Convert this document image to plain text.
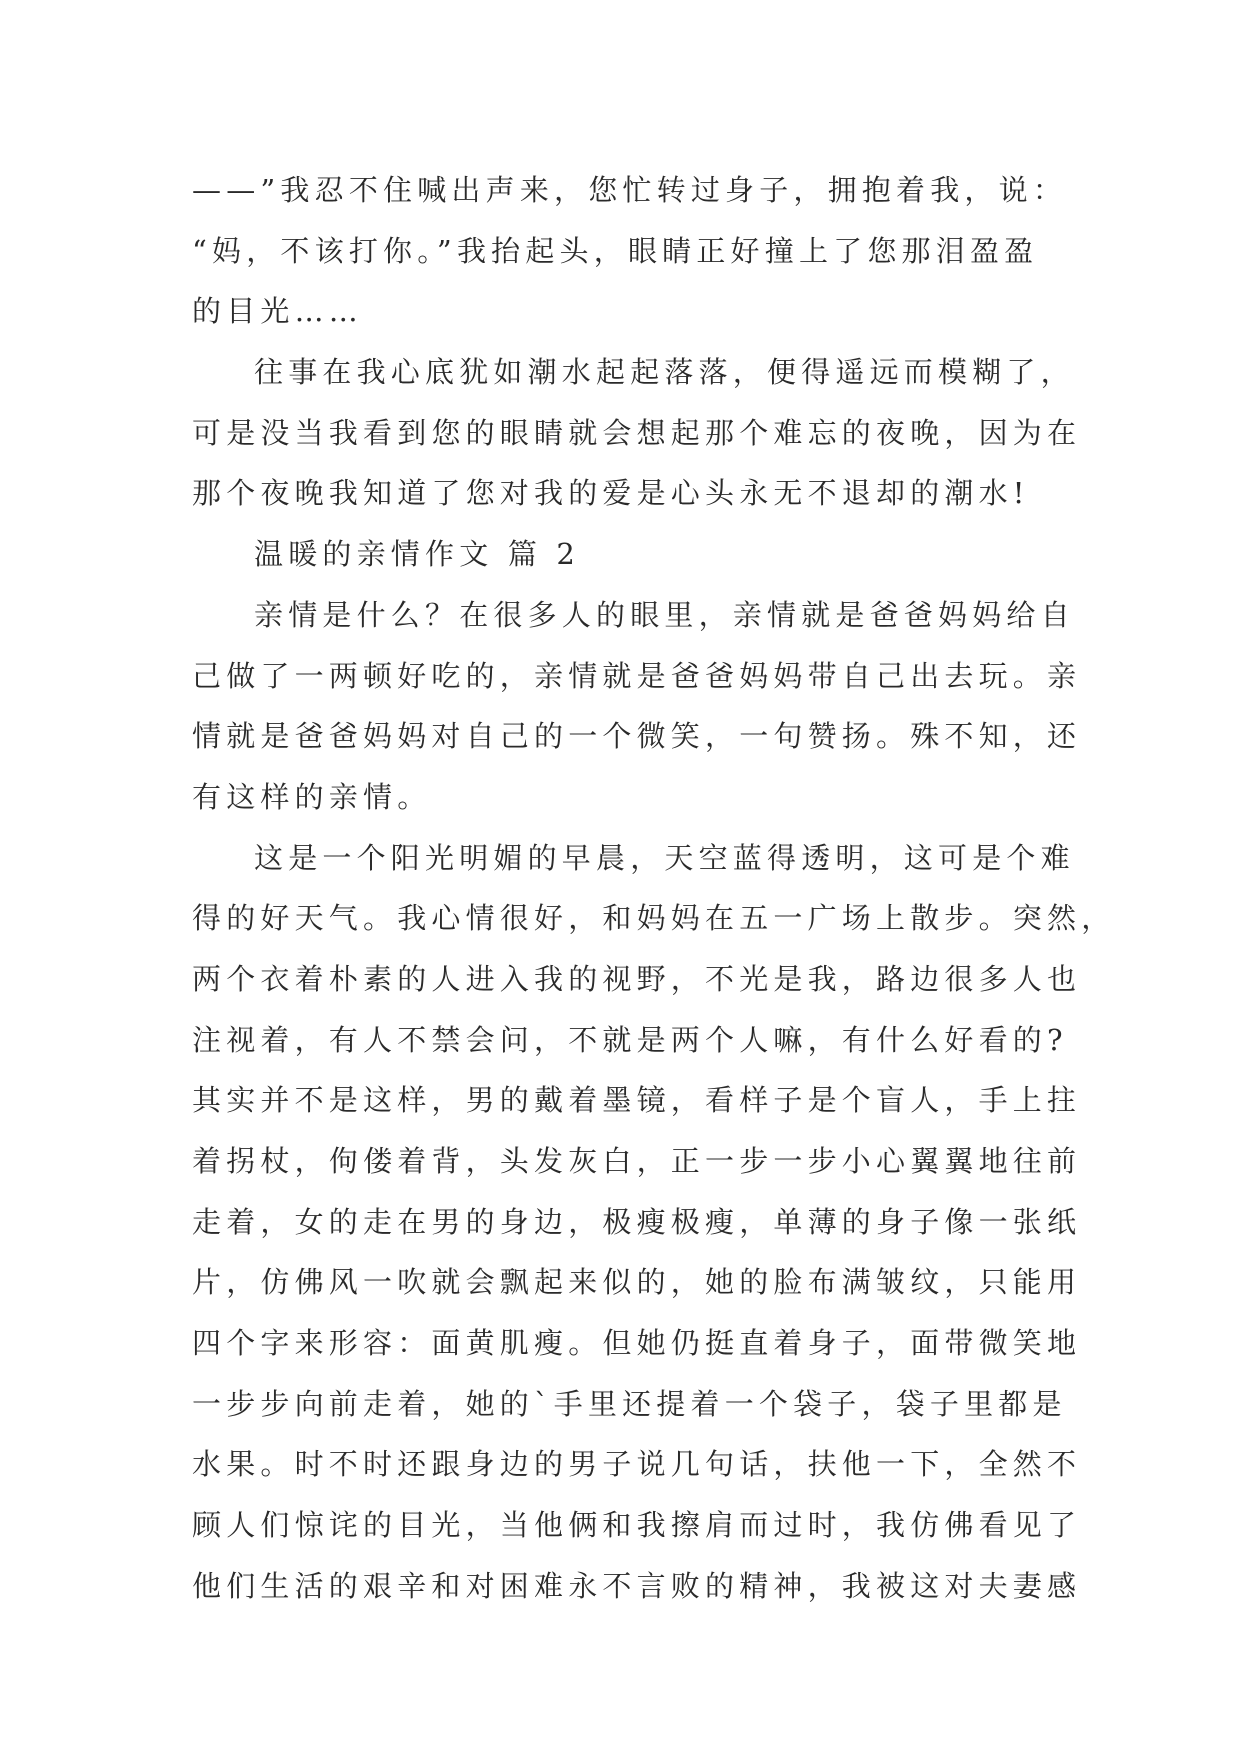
——”我忍不住喊出声来，您忙转过身子，拥抱着我，说：
“妈，不该打你。”我抬起头，眼睛正好撞上了您那泪盈盈
的目光……
往事在我心底犹如潮水起起落落，便得遥远而模糊了，
可是没当我看到您的眼睛就会想起那个难忘的夜晚，因为在
那个夜晚我知道了您对我的爱是心头永无不退却的潮水!
温暖的亲情作文 篇 2
亲情是什么？在很多人的眼里，亲情就是爸爸妈妈给自
己做了一两顿好吃的，亲情就是爸爸妈妈带自己出去玩。亲
情就是爸爸妈妈对自己的一个微笑，一句赞扬。殊不知，还
有这样的亲情。
这是一个阳光明媚的早晨，天空蓝得透明，这可是个难
得的好天气。我心情很好，和妈妈在五一广场上散步。突然，
两个衣着朴素的人进入我的视野，不光是我，路边很多人也
注视着，有人不禁会问，不就是两个人嘛，有什么好看的?
其实并不是这样，男的戴着墨镜，看样子是个盲人，手上拄
着拐杖，佝偻着背，头发灰白，正一步一步小心翼翼地往前
走着，女的走在男的身边，极瘦极瘦，单薄的身子像一张纸
片，仿佛风一吹就会飘起来似的，她的脸布满皱纹，只能用
四个字来形容：面黄肌瘦。但她仍挺直着身子，面带微笑地
一步步向前走着，她的`手里还提着一个袋子，袋子里都是
水果。时不时还跟身边的男子说几句话，扶他一下，全然不
顾人们惊诧的目光，当他俩和我擦肩而过时，我仿佛看见了
他们生活的艰辛和对困难永不言败的精神，我被这对夫妻感
